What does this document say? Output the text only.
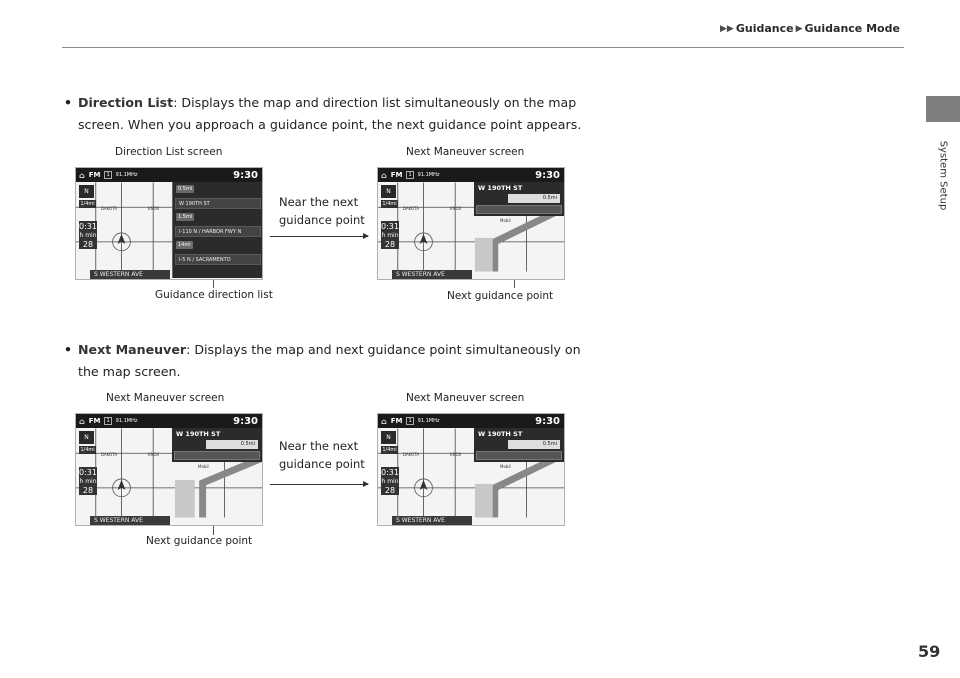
▶▶ Guidance ▶ Guidance Mode
System Setup
• Direction List: Displays the map and direction list simultaneously on the map screen. When you approach a guidance point, the next guidance point appears.
Direction List screen	Next Maneuver screen
⌂ FM	1	91.1MHz	9:30
DAKOTA	KNOX
N
1/4mi
0:31
h min
28
S WESTERN AVE
0.5mi
W 190TH ST
1.5mi
I-110 N / HARBOR FWY N
14mi
I-5 N / SACRAMENTO
Near the next
guidance point
⌂ FM	1	91.1MHz	9:30
DAKOTA	KNOX
Mobil
N
1/4mi
0:31
h min
28
S WESTERN AVE
W 190TH ST
0.5mi
Guidance direction list	Next guidance point
• Next Maneuver: Displays the map and next guidance point simultaneously on the map screen.
Next Maneuver screen	Next Maneuver screen
⌂ FM	1	91.1MHz	9:30
DAKOTA	KNOX
Mobil
N
1/4mi
0:31
h min
28
S WESTERN AVE
W 190TH ST
0.5mi Near the next
guidance point
⌂ FM	1	91.1MHz	9:30
DAKOTA	KNOX
Mobil
N
1/4mi
0:31
h min
28
S WESTERN AVE
W 190TH ST
0.5mi
Next guidance point
59
